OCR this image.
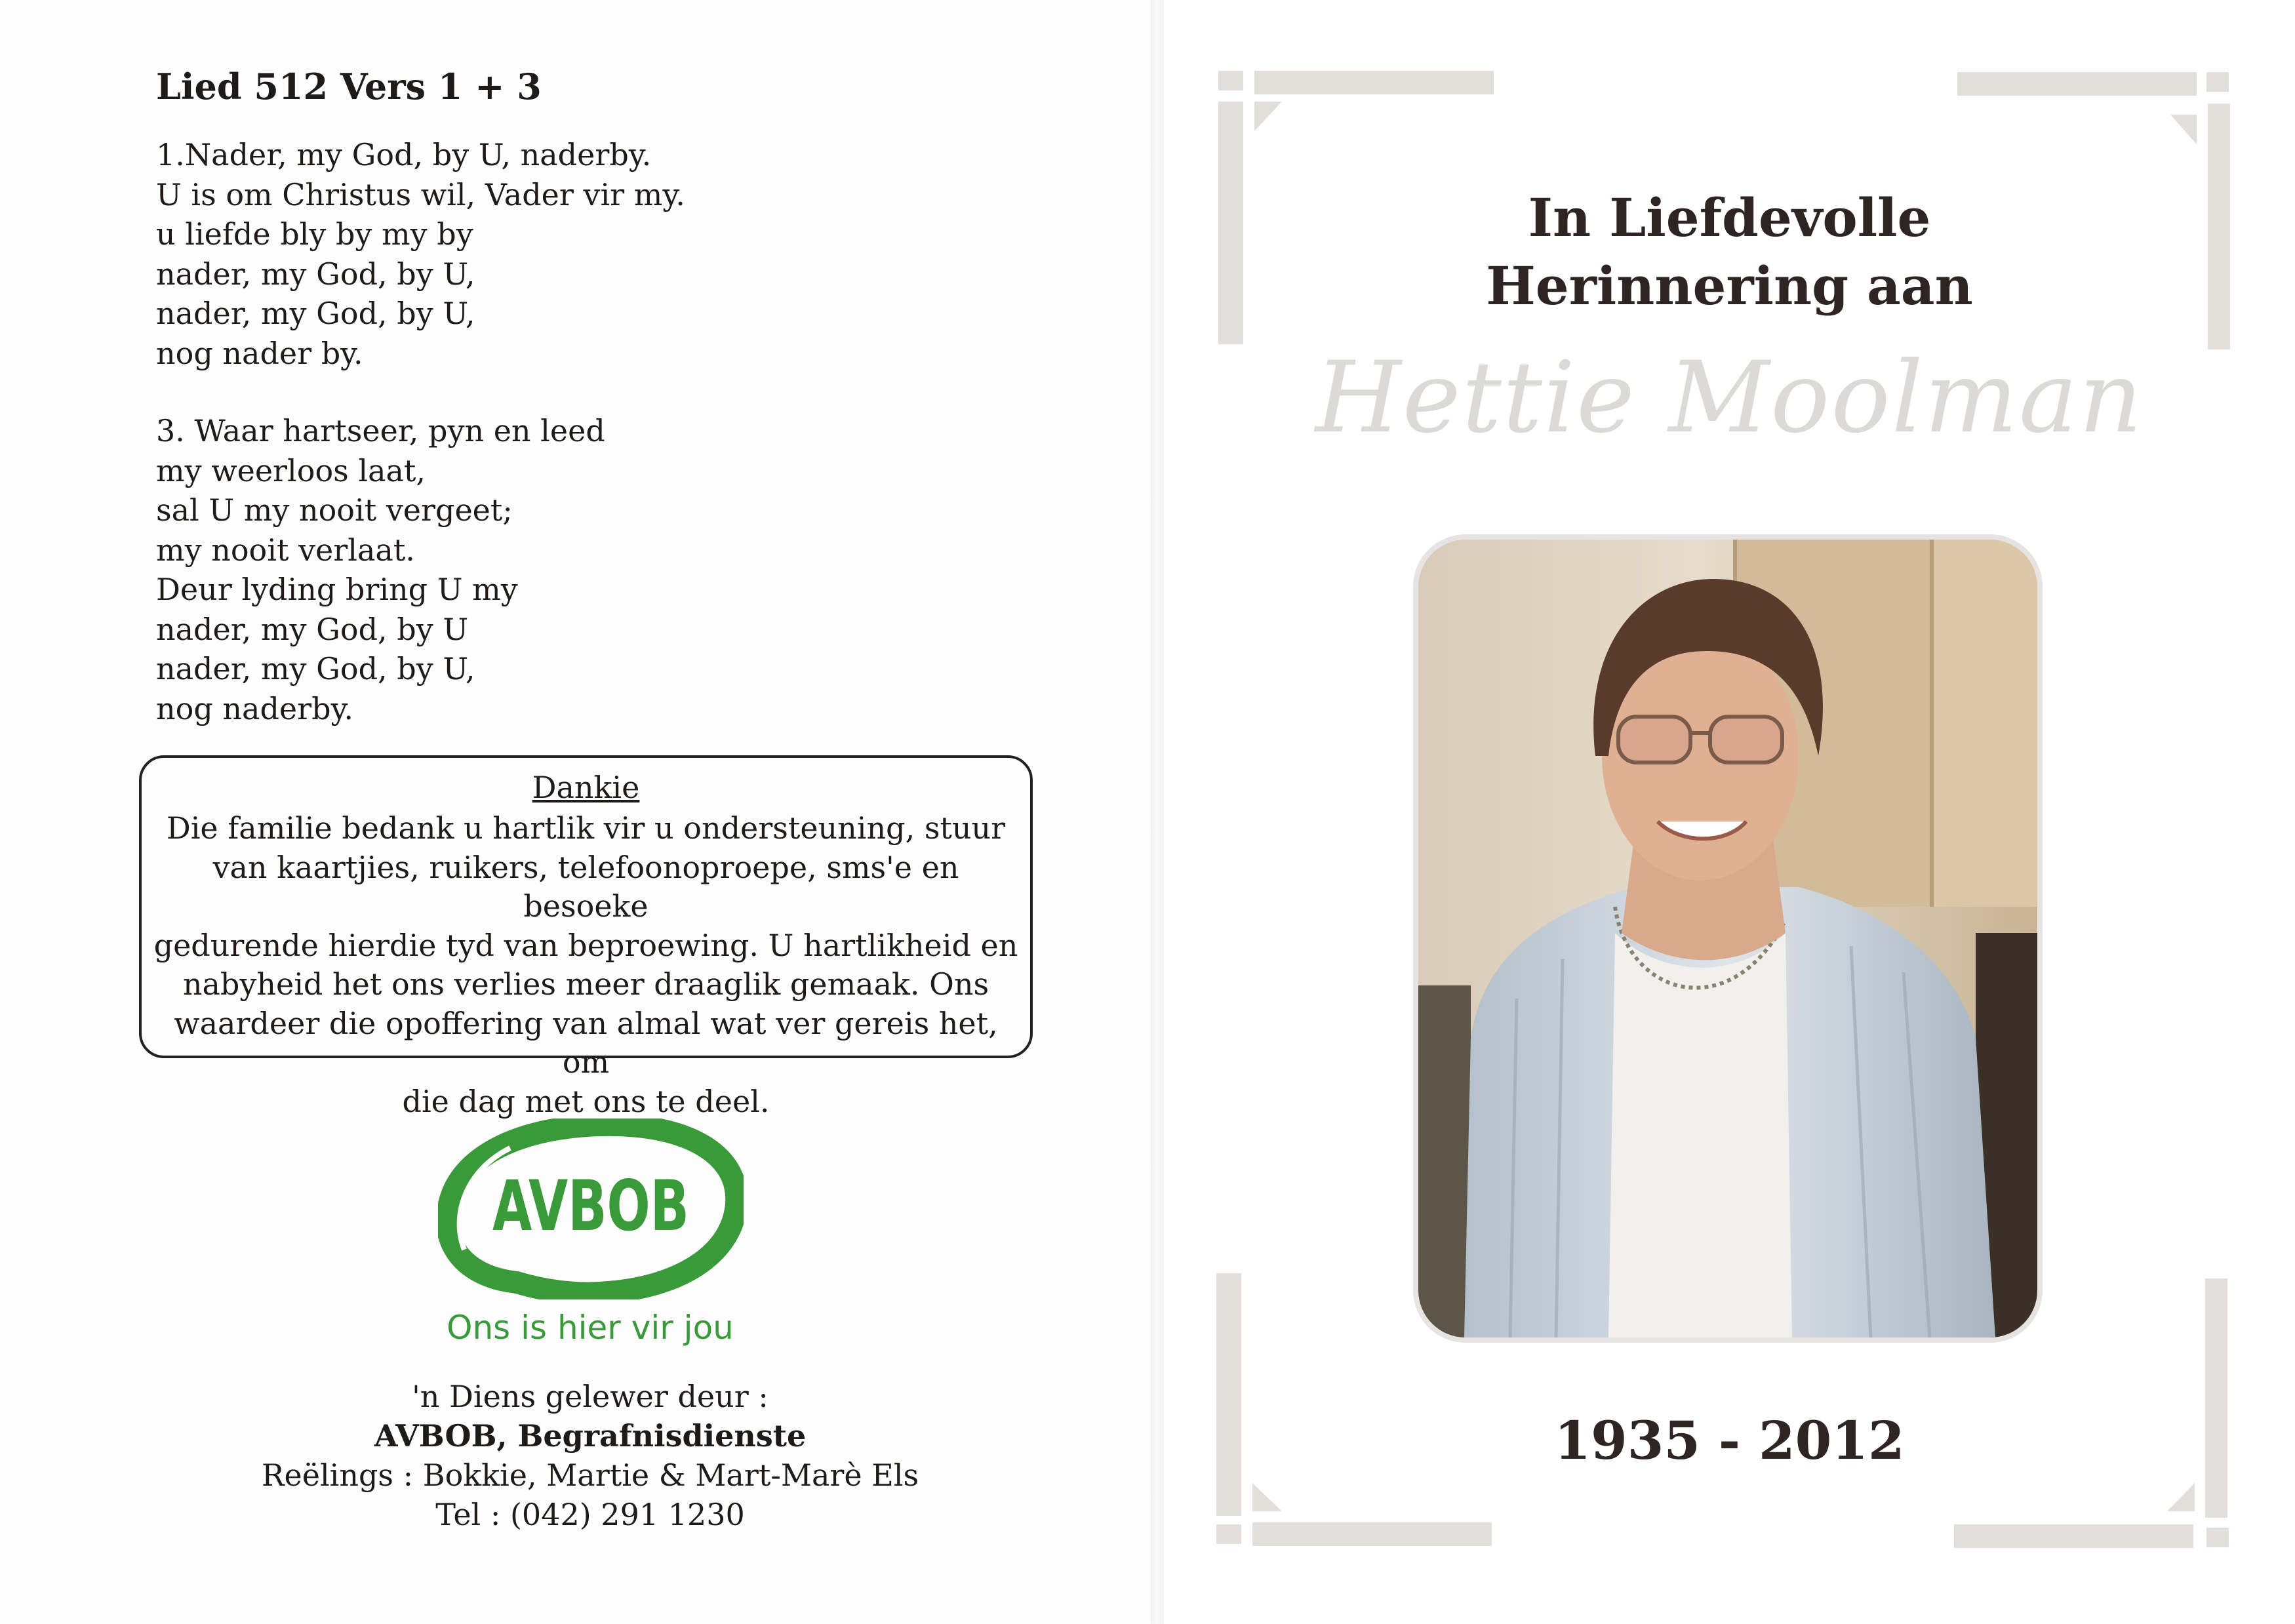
Lied 512 Vers 1 + 3
1.Nader, my God, by U, naderby.
U is om Christus wil, Vader vir my.
u liefde bly by my by
nader, my God, by U,
nader, my God, by U,
nog nader by.
3. Waar hartseer, pyn en leed
my weerloos laat,
sal U my nooit vergeet;
my nooit verlaat.
Deur lyding bring U my
nader, my God, by U
nader, my God, by U,
nog naderby.
Dankie
Die familie bedank u hartlik vir u ondersteuning, stuur
van kaartjies, ruikers, telefoonoproepe, sms'e en besoeke
gedurende hierdie tyd van beproewing. U hartlikheid en
nabyheid het ons verlies meer draaglik gemaak. Ons
waardeer die opoffering van almal wat ver gereis het, om
die dag met ons te deel.
AVBOB
Ons is hier vir jou
'n Diens gelewer deur :
AVBOB, Begrafnisdienste
Reëlings : Bokkie, Martie & Mart-Marè Els
Tel : (042) 291 1230
In Liefdevolle
Herinnering aan
Hettie Moolman
1935 - 2012
